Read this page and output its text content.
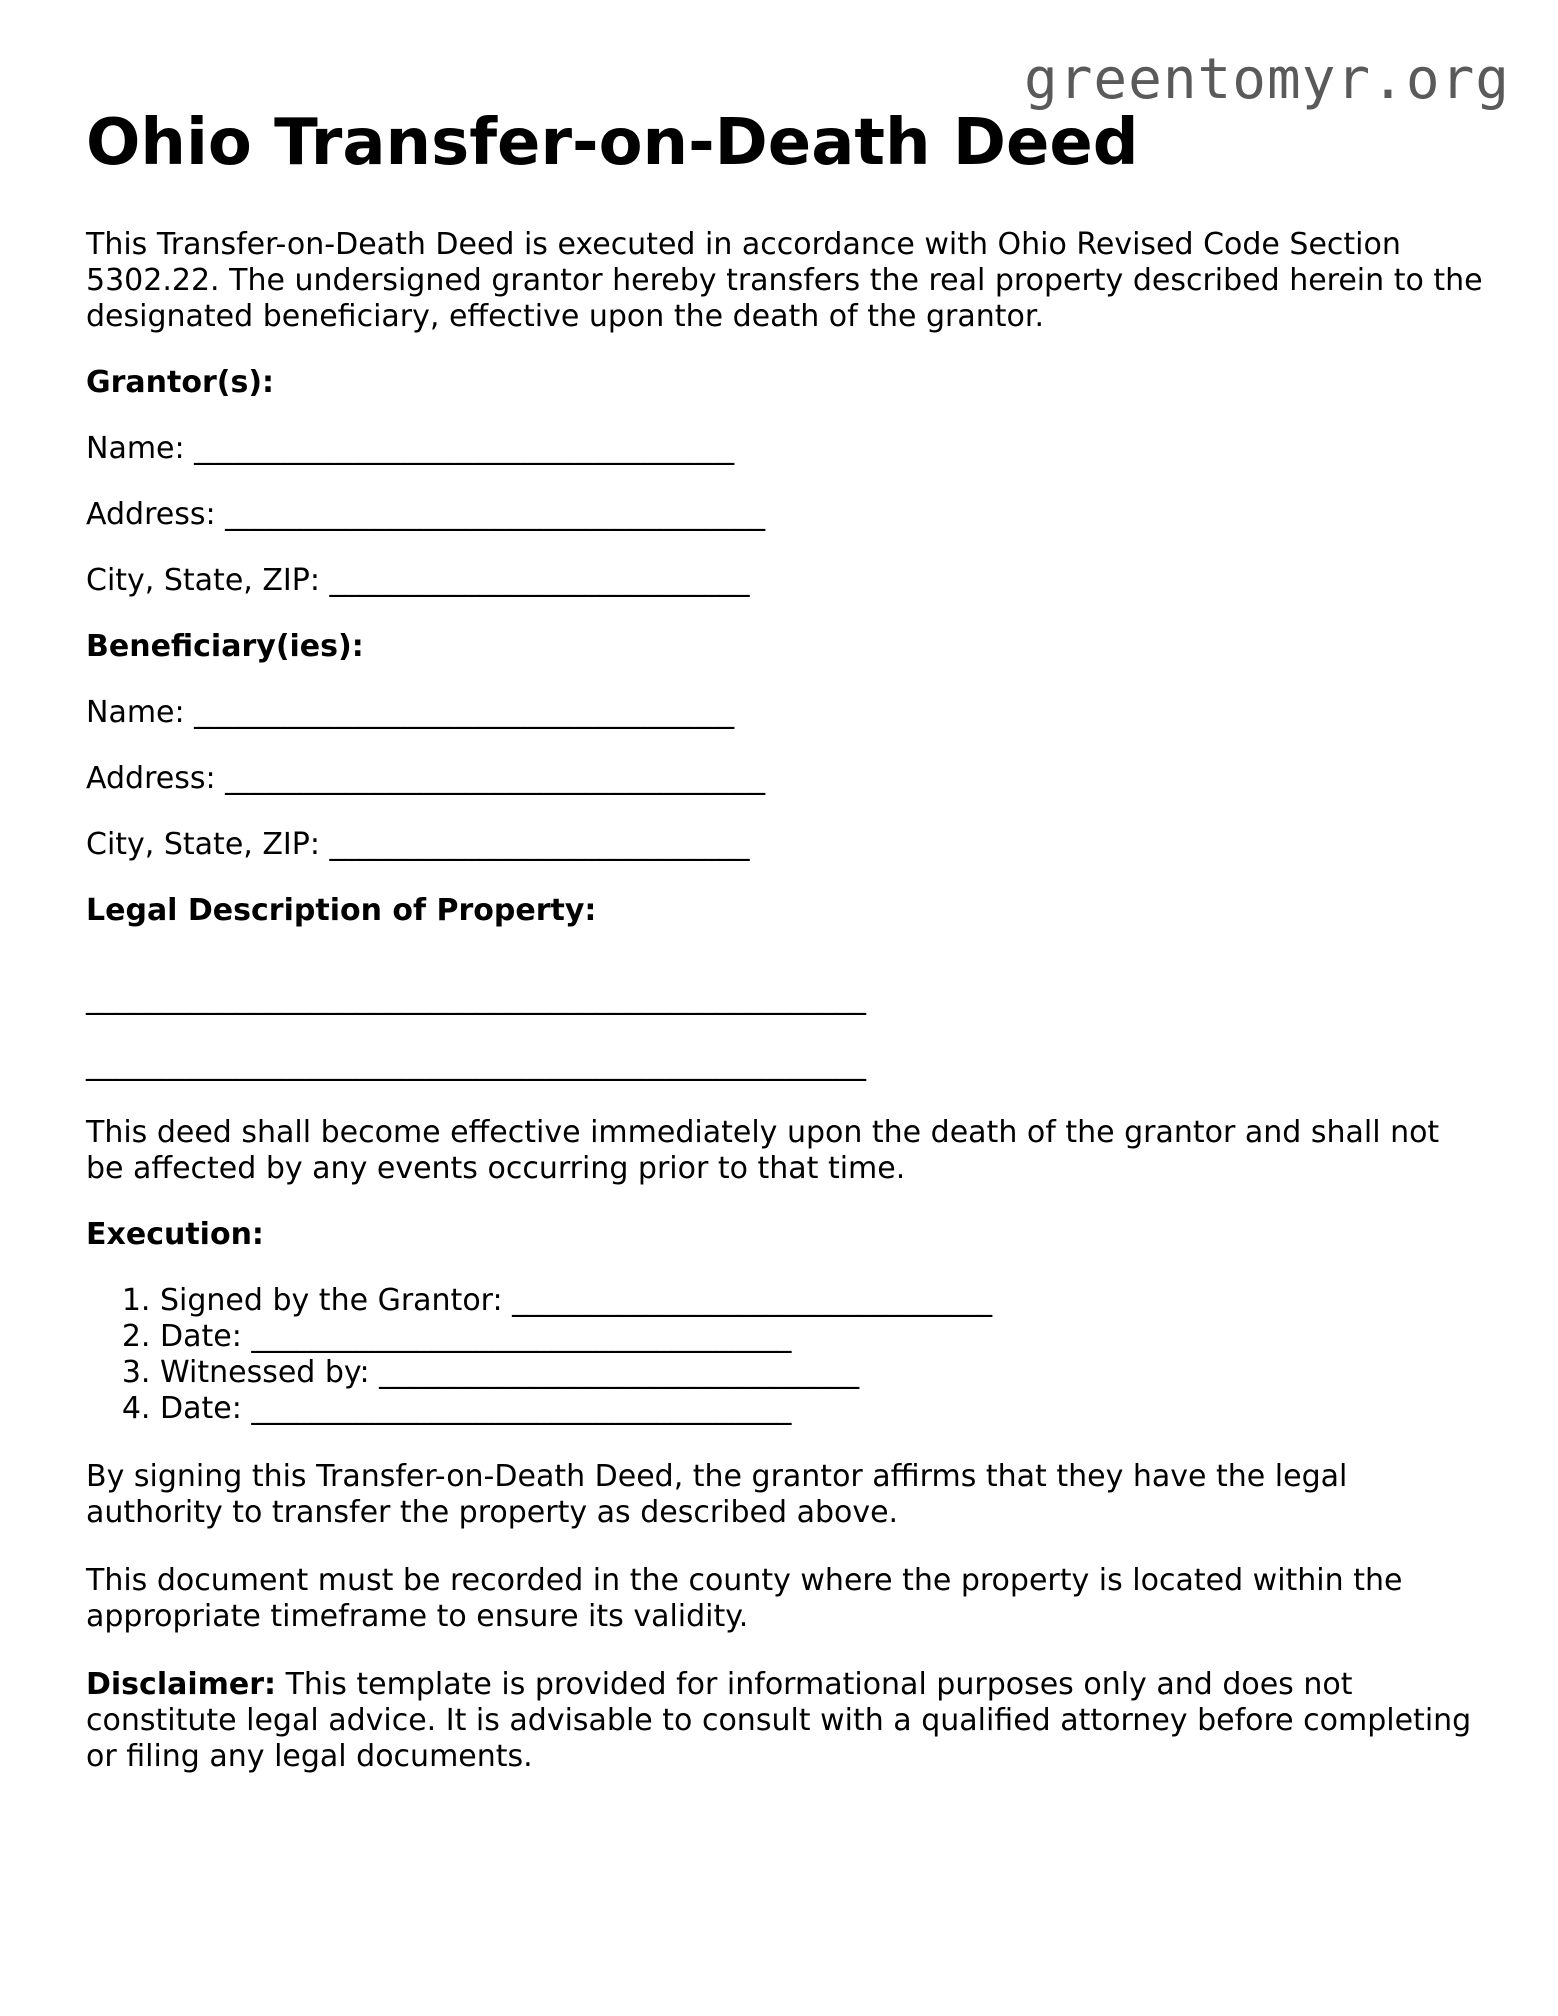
greentomyr.org
Ohio Transfer-on-Death Deed

This Transfer-on-Death Deed is executed in accordance with Ohio Revised Code Section 5302.22. The undersigned grantor hereby transfers the real property described herein to the designated beneficiary, effective upon the death of the grantor.

Grantor(s):
Name: ____________________________________
Address: ____________________________________
City, State, ZIP: ____________________________
Beneficiary(ies):
Name: ____________________________________
Address: ____________________________________
City, State, ZIP: ____________________________
Legal Description of Property:
____________________________________________________
____________________________________________________

This deed shall become effective immediately upon the death of the grantor and shall not be affected by any events occurring prior to that time.

Execution:
1. Signed by the Grantor: ________________________________
2. Date: ____________________________________
3. Witnessed by: ________________________________
4. Date: ____________________________________

By signing this Transfer-on-Death Deed, the grantor affirms that they have the legal authority to transfer the property as described above.

This document must be recorded in the county where the property is located within the appropriate timeframe to ensure its validity.

Disclaimer: This template is provided for informational purposes only and does not constitute legal advice. It is advisable to consult with a qualified attorney before completing or filing any legal documents.
